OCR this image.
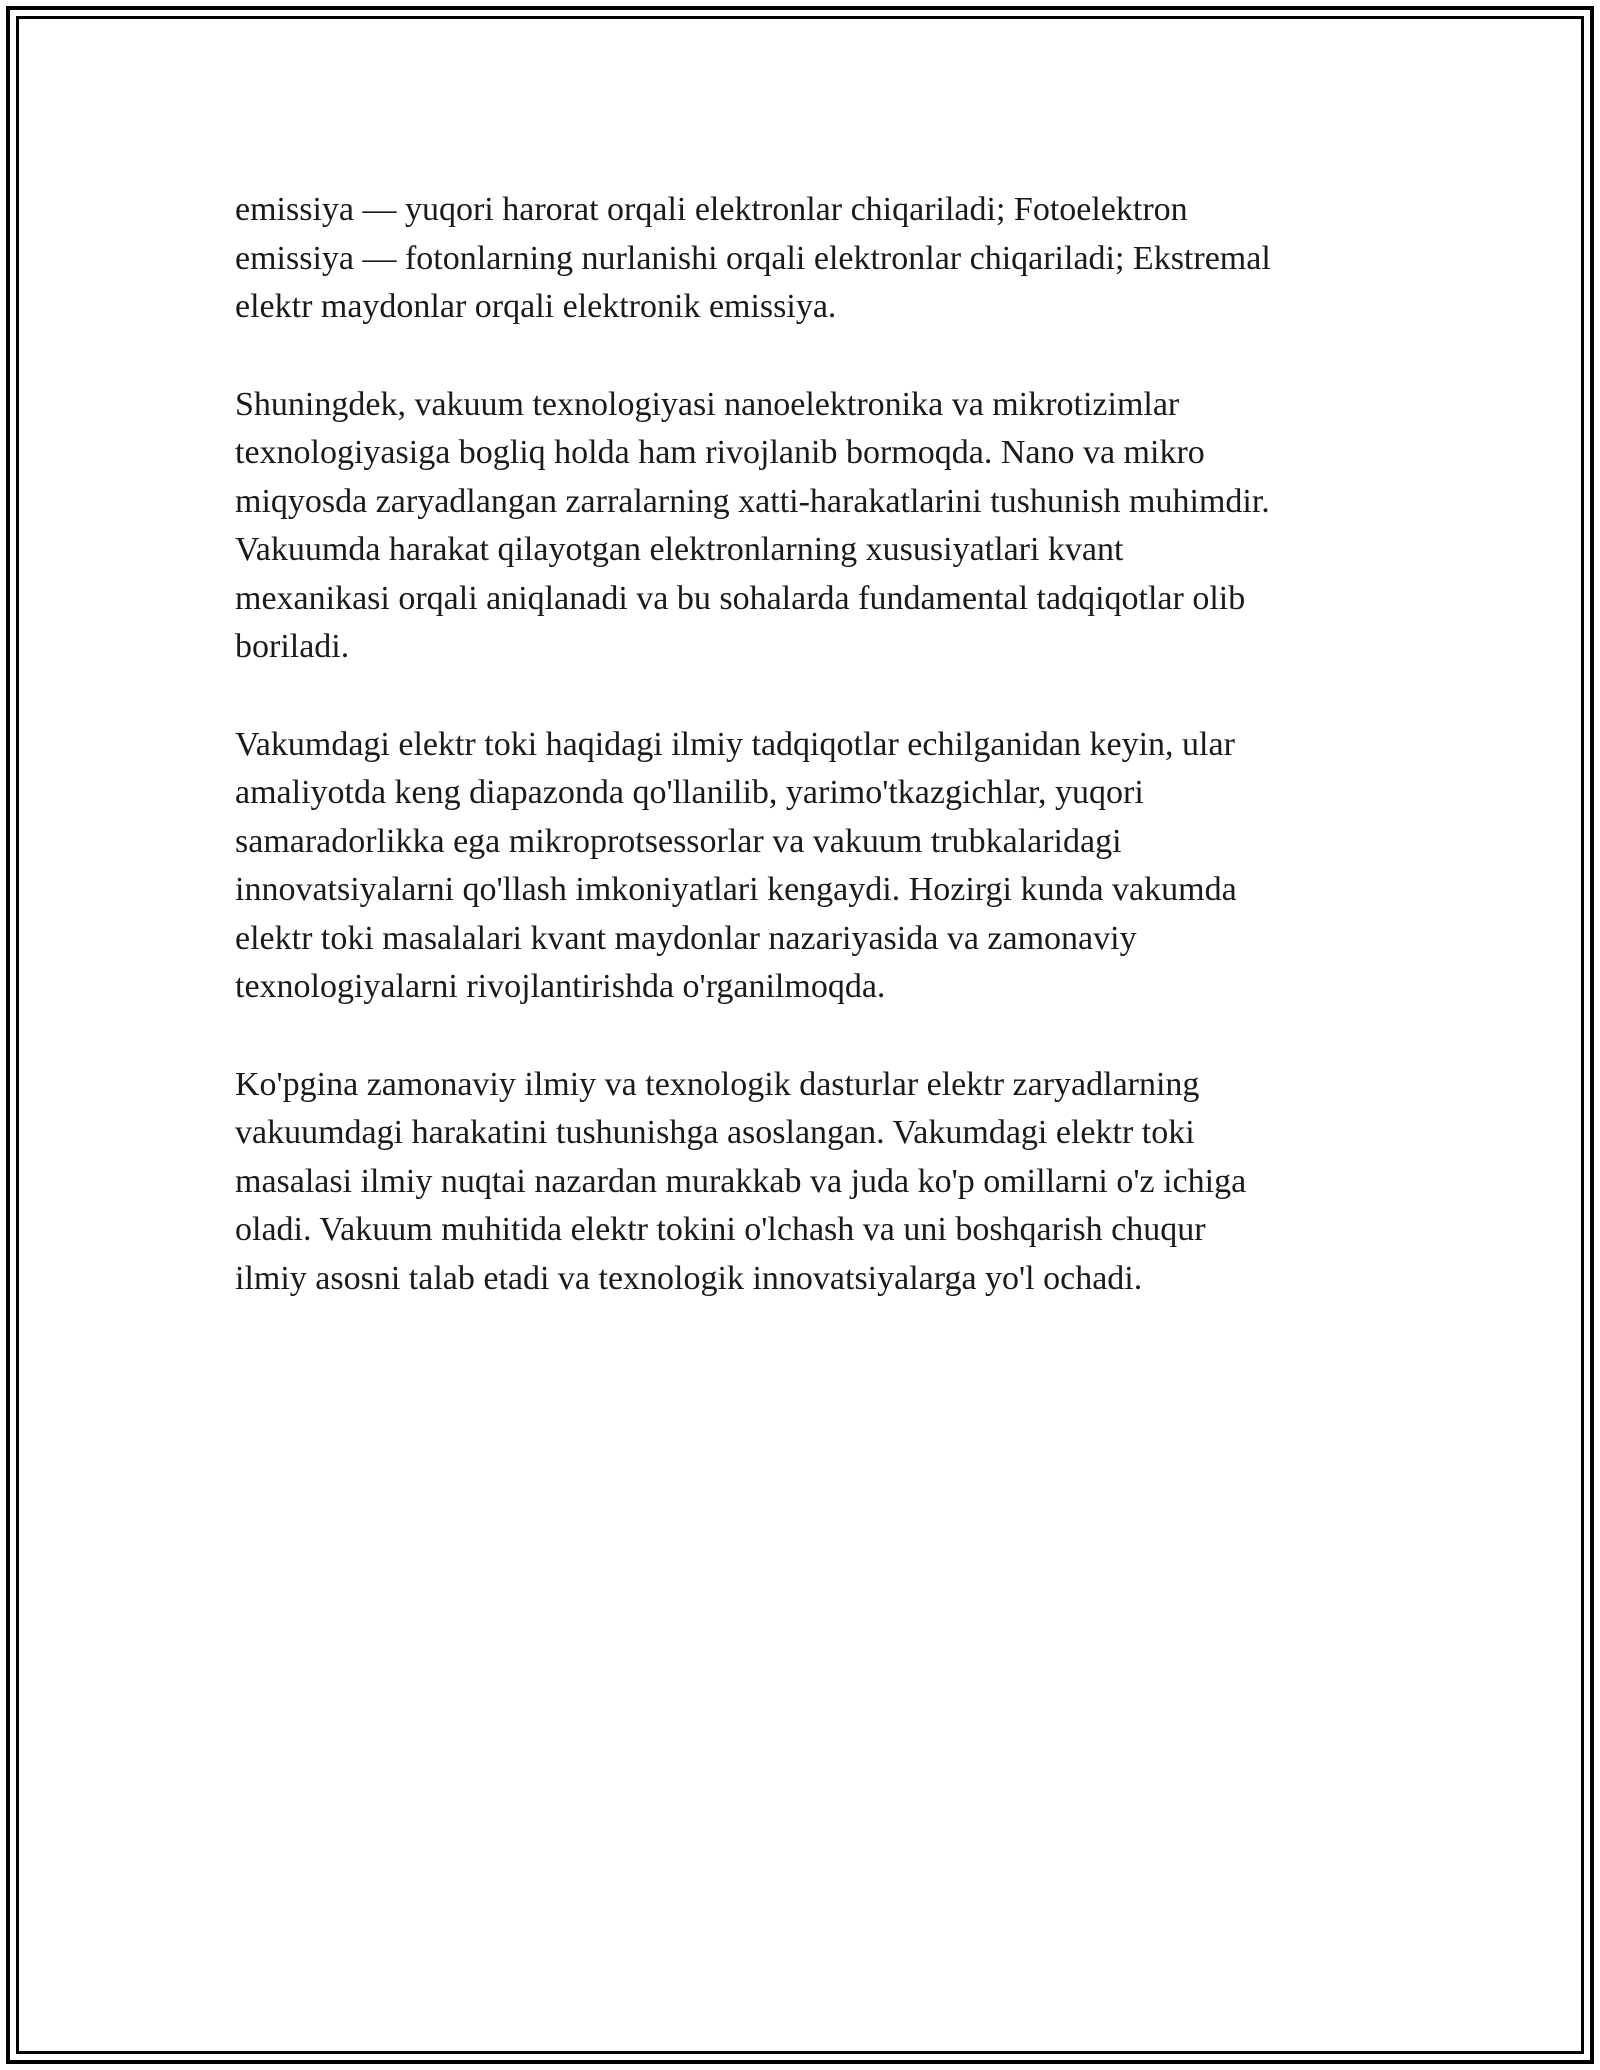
emissiya — yuqori harorat orqali elektronlar chiqariladi; Fotoelektron
emissiya — fotonlarning nurlanishi orqali elektronlar chiqariladi; Ekstremal
elektr maydonlar orqali elektronik emissiya.

Shuningdek, vakuum texnologiyasi nanoelektronika va mikrotizimlar
texnologiyasiga bogliq holda ham rivojlanib bormoqda. Nano va mikro
miqyosda zaryadlangan zarralarning xatti-harakatlarini tushunish muhimdir.
Vakuumda harakat qilayotgan elektronlarning xususiyatlari kvant
mexanikasi orqali aniqlanadi va bu sohalarda fundamental tadqiqotlar olib
boriladi.

Vakumdagi elektr toki haqidagi ilmiy tadqiqotlar echilganidan keyin, ular
amaliyotda keng diapazonda qo'llanilib, yarimo'tkazgichlar, yuqori
samaradorlikka ega mikroprotsessorlar va vakuum trubkalaridagi
innovatsiyalarni qo'llash imkoniyatlari kengaydi. Hozirgi kunda vakumda
elektr toki masalalari kvant maydonlar nazariyasida va zamonaviy
texnologiyalarni rivojlantirishda o'rganilmoqda.

Ko'pgina zamonaviy ilmiy va texnologik dasturlar elektr zaryadlarning
vakuumdagi harakatini tushunishga asoslangan. Vakumdagi elektr toki
masalasi ilmiy nuqtai nazardan murakkab va juda ko'p omillarni o'z ichiga
oladi. Vakuum muhitida elektr tokini o'lchash va uni boshqarish chuqur
ilmiy asosni talab etadi va texnologik innovatsiyalarga yo'l ochadi.
